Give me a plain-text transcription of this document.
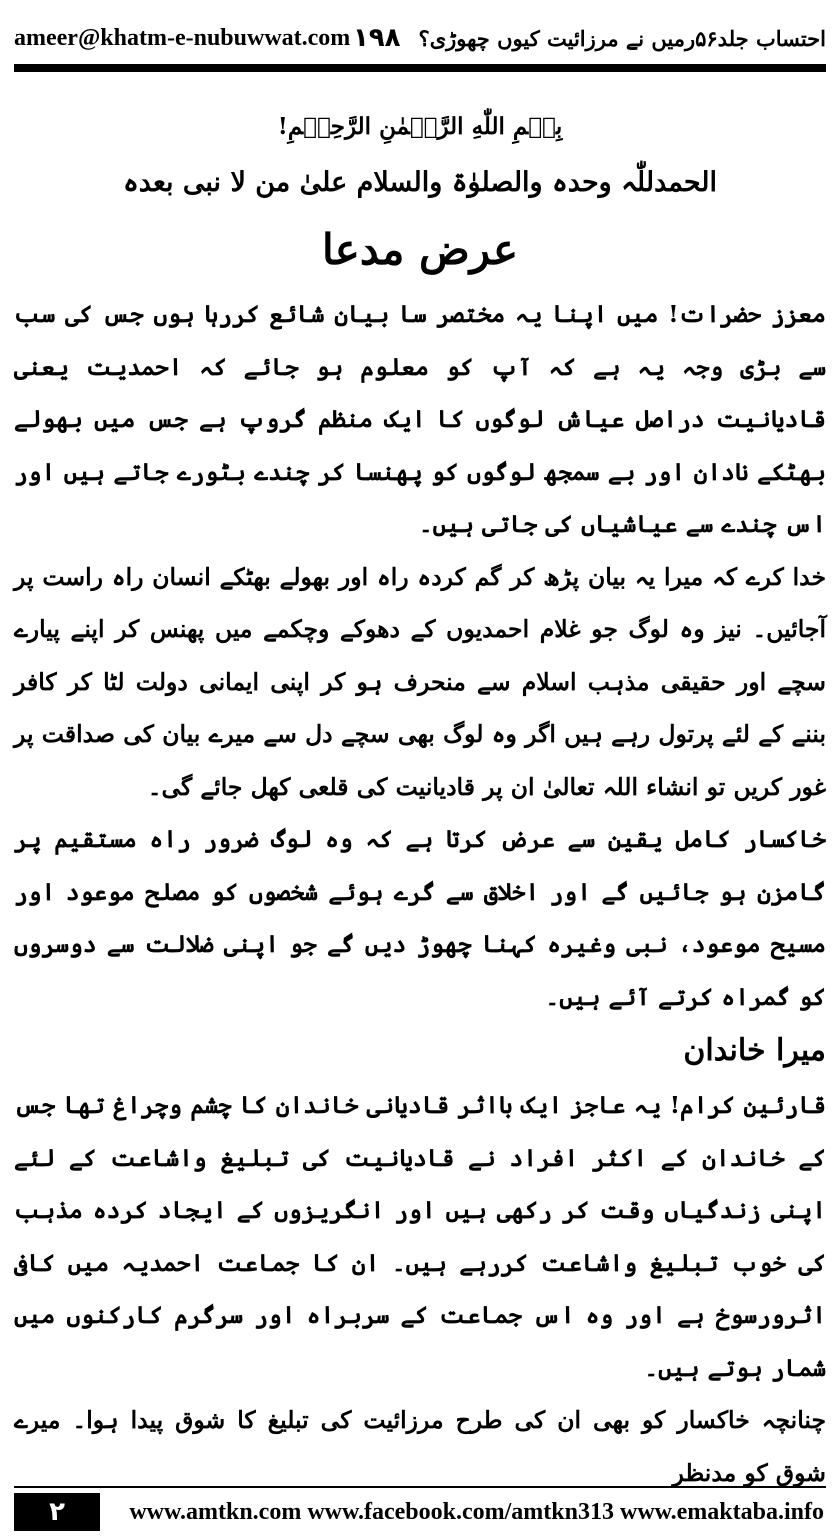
ameer@khatm-e-nubuwwat.com	احتساب جلد۵۶رمیں نے مرزائیت کیوں چھوڑی؟
۱۹۸
بِسۡمِ اللّٰهِ الرَّحۡمٰنِ الرَّحِيۡمِ!
الحمدللّٰہ وحدہ والصلوٰۃ والسلام علیٰ من لا نبی بعدہ
عرض مدعا

معزز حضرات! میں اپنا یہ مختصر سا بیان شائع کررہا ہوں جس کی سب سے بڑی وجہ یہ ہے کہ آپ کو معلوم ہو جائے کہ احمدیت یعنی قادیانیت دراصل عیاش لوگوں کا ایک منظم گروپ ہے جس میں بھولے بھٹکے نادان اور بے سمجھ لوگوں کو پھنسا کر چندے بٹورے جاتے ہیں اور اس چندے سے عیاشیاں کی جاتی ہیں۔

خدا کرے کہ میرا یہ بیان پڑھ کر گم کردہ راہ اور بھولے بھٹکے انسان راہ راست پر آجائیں۔ نیز وہ لوگ جو غلام احمدیوں کے دھوکے وچکمے میں پھنس کر اپنے پیارے سچے اور حقیقی مذہب اسلام سے منحرف ہو کر اپنی ایمانی دولت لٹا کر کافر بننے کے لئے پرتول رہے ہیں اگر وہ لوگ بھی سچے دل سے میرے بیان کی صداقت پر غور کریں تو انشاء اللہ تعالیٰ ان پر قادیانیت کی قلعی کھل جائے گی۔

خاکسار کامل یقین سے عرض کرتا ہے کہ وہ لوگ ضرور راہ مستقیم پر گامزن ہو جائیں گے اور اخلاق سے گرے ہوئے شخصوں کو مصلح موعود اور مسیح موعود، نبی وغیرہ کہنا چھوڑ دیں گے جو اپنی ضلالت سے دوسروں کو گمراہ کرتے آئے ہیں۔

میرا خاندان

قارئین کرام! یہ عاجز ایک بااثر قادیانی خاندان کا چشم وچراغ تھا جس کے خاندان کے اکثر افراد نے قادیانیت کی تبلیغ واشاعت کے لئے اپنی زندگیاں وقت کر رکھی ہیں اور انگریزوں کے ایجاد کردہ مذہب کی خوب تبلیغ واشاعت کررہے ہیں۔ ان کا جماعت احمدیہ میں کافی اثرورسوخ ہے اور وہ اس جماعت کے سربراہ اور سرگرم کارکنوں میں شمار ہوتے ہیں۔

چنانچہ خاکسار کو بھی ان کی طرح مرزائیت کی تبلیغ کا شوق پیدا ہوا۔ میرے شوق کو مدنظر

۲	www.amtkn.com www.facebook.com/amtkn313 www.emaktaba.info
